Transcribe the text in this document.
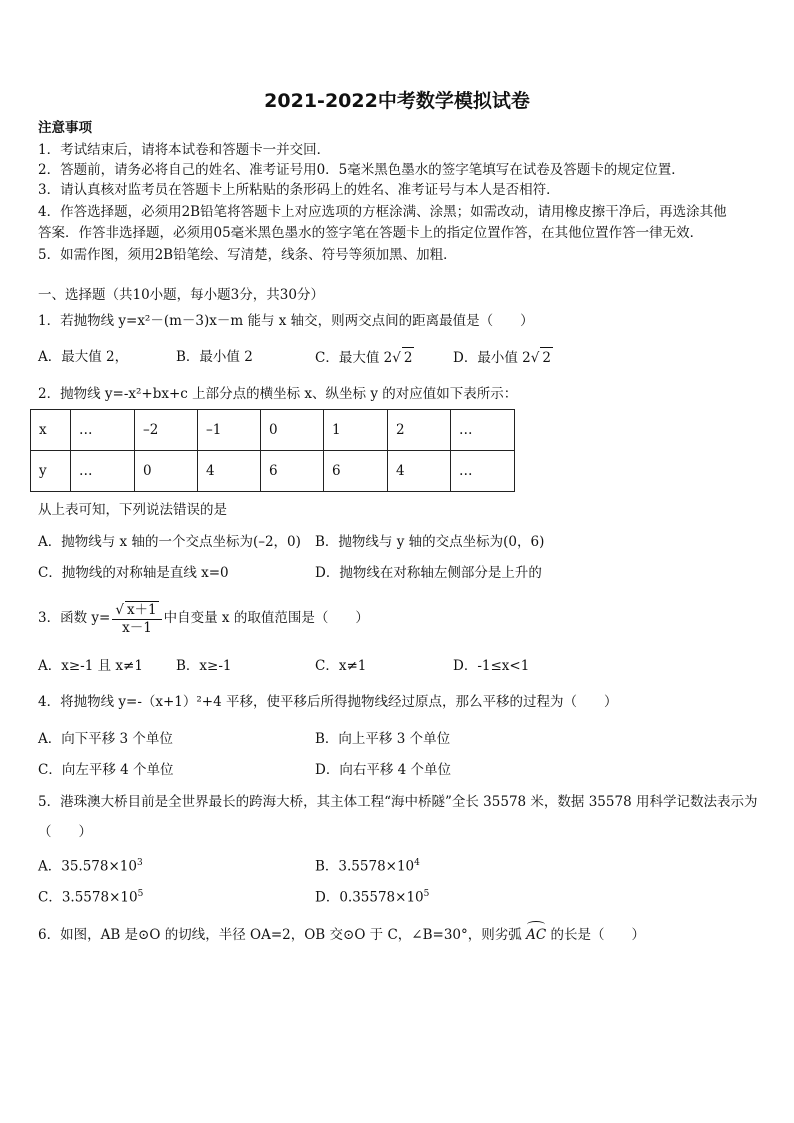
2021-2022中考数学模拟试卷
注意事项
1．考试结束后，请将本试卷和答题卡一并交回．
2．答题前，请务必将自己的姓名、准考证号用0．5毫米黑色墨水的签字笔填写在试卷及答题卡的规定位置．
3．请认真核对监考员在答题卡上所粘贴的条形码上的姓名、准考证号与本人是否相符．
4．作答选择题，必须用2B铅笔将答题卡上对应选项的方框涂满、涂黑；如需改动，请用橡皮擦干净后，再选涂其他
答案．作答非选择题，必须用05毫米黑色墨水的签字笔在答题卡上的指定位置作答，在其他位置作答一律无效．
5．如需作图，须用2B铅笔绘、写清楚，线条、符号等须加黑、加粗．
一、选择题（共10小题，每小题3分，共30分）
1．若抛物线 y=x²－(m－3)x－m 能与 x 轴交，则两交点间的距离最值是（　　）
A．最大值 2，	B．最小值 2	C．最大值 2√ 2	D．最小值 2√ 2
2．抛物线 y=-x²+bx+c 上部分点的横坐标 x、纵坐标 y 的对应值如下表所示：
x	…	–2	–1	0	1	2	…
y	…	0	4	6	6	4	…
从上表可知，下列说法错误的是
A．抛物线与 x 轴的一个交点坐标为(–2，0) B．抛物线与 y 轴的交点坐标为(0，6)
C．抛物线的对称轴是直线 x=0	D．抛物线在对称轴左侧部分是上升的
3．函数 $y= \frac{√ x+1}{x-1}$ 中自变量 x 的取值范围是（　　）
A．x≥-1 且 x≠1 B．x≥-1	C．x≠1	D．-1≤x<1
4．将抛物线 y=-（x+1）²+4 平移，使平移后所得抛物线经过原点，那么平移的过程为（　　）
A．向下平移 3 个单位	B．向上平移 3 个单位
C．向左平移 4 个单位	D．向右平移 4 个单位
5．港珠澳大桥目前是全世界最长的跨海大桥，其主体工程“海中桥隧”全长 35578 米，数据 35578 用科学记数法表示为
（　　）
A．$35.578\times 10^3$	B．$3.5578\times 10^4$
C．$3.5578\times 10^5$	D．$0.35578\times 10^5$
6．如图，AB 是⊙O 的切线，半径 OA=2，OB 交⊙O 于 C，∠B=30°，则劣弧 AC 的长是（　　）
